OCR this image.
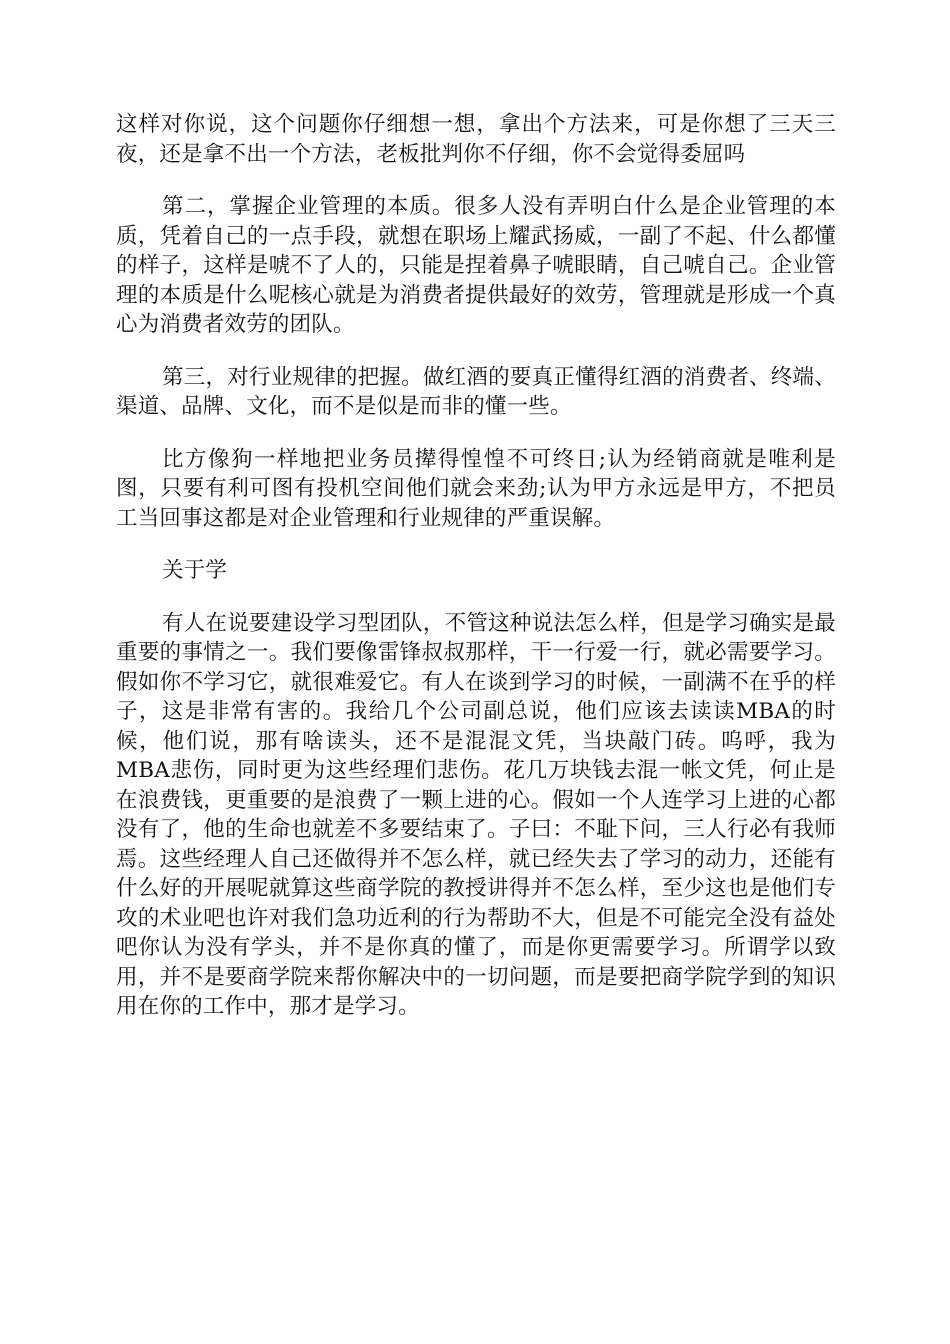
这样对你说，这个问题你仔细想一想，拿出个方法来，可是你想了三天三夜，还是拿不出一个方法，老板批判你不仔细，你不会觉得委屈吗

第二，掌握企业管理的本质。很多人没有弄明白什么是企业管理的本质，凭着自己的一点手段，就想在职场上耀武扬威，一副了不起、什么都懂的样子，这样是唬不了人的，只能是捏着鼻子唬眼睛，自己唬自己。企业管理的本质是什么呢核心就是为消费者提供最好的效劳，管理就是形成一个真心为消费者效劳的团队。

第三，对行业规律的把握。做红酒的要真正懂得红酒的消费者、终端、渠道、品牌、文化，而不是似是而非的懂一些。

比方像狗一样地把业务员撵得惶惶不可终日;认为经销商就是唯利是图，只要有利可图有投机空间他们就会来劲;认为甲方永远是甲方，不把员工当回事这都是对企业管理和行业规律的严重误解。

关于学

有人在说要建设学习型团队，不管这种说法怎么样，但是学习确实是最重要的事情之一。我们要像雷锋叔叔那样，干一行爱一行，就必需要学习。假如你不学习它，就很难爱它。有人在谈到学习的时候，一副满不在乎的样子，这是非常有害的。我给几个公司副总说，他们应该去读读MBA的时候，他们说，那有啥读头，还不是混混文凭，当块敲门砖。呜呼，我为MBA悲伤，同时更为这些经理们悲伤。花几万块钱去混一帐文凭，何止是在浪费钱，更重要的是浪费了一颗上进的心。假如一个人连学习上进的心都没有了，他的生命也就差不多要结束了。子曰：不耻下问，三人行必有我师焉。这些经理人自己还做得并不怎么样，就已经失去了学习的动力，还能有什么好的开展呢就算这些商学院的教授讲得并不怎么样，至少这也是他们专攻的术业吧也许对我们急功近利的行为帮助不大，但是不可能完全没有益处吧你认为没有学头，并不是你真的懂了，而是你更需要学习。所谓学以致用，并不是要商学院来帮你解决中的一切问题，而是要把商学院学到的知识用在你的工作中，那才是学习。
